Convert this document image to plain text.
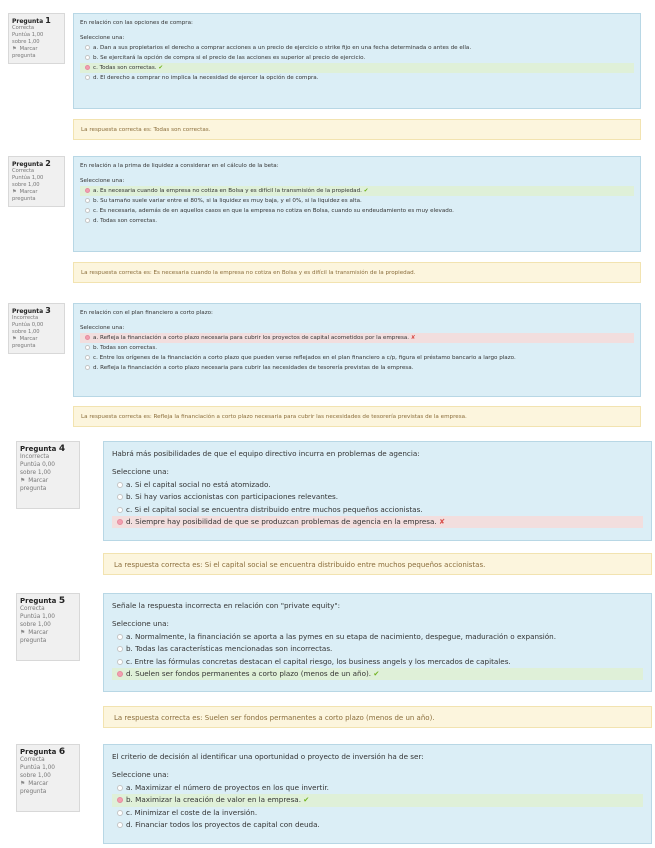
Pregunta 1
Correcta
Puntúa 1,00
sobre 1,00
⚑ Marcar
pregunta
En relación con las opciones de compra:
Seleccione una:
a. Dan a sus propietarios el derecho a comprar acciones a un precio de ejercicio o strike fijo en una fecha determinada o antes de ella.
b. Se ejercitará la opción de compra si el precio de las acciones es superior al precio de ejercicio.
c. Todas son correctas. ✔
d. El derecho a comprar no implica la necesidad de ejercer la opción de compra.
La respuesta correcta es: Todas son correctas.
Pregunta 2
Correcta
Puntúa 1,00
sobre 1,00
⚑ Marcar
pregunta
En relación a la prima de liquidez a considerar en el cálculo de la beta:
Seleccione una:
a. Es necesaria cuando la empresa no cotiza en Bolsa y es difícil la transmisión de la propiedad. ✔
b. Su tamaño suele variar entre el 80%, si la liquidez es muy baja, y el 0%, si la liquidez es alta.
c. Es necesaria, además de en aquellos casos en que la empresa no cotiza en Bolsa, cuando su endeudamiento es muy elevado.
d. Todas son correctas.
La respuesta correcta es: Es necesaria cuando la empresa no cotiza en Bolsa y es difícil la transmisión de la propiedad.
Pregunta 3
Incorrecta
Puntúa 0,00
sobre 1,00
⚑ Marcar
pregunta
En relación con el plan financiero a corto plazo:
Seleccione una:
a. Refleja la financiación a corto plazo necesaria para cubrir los proyectos de capital acometidos por la empresa. ✘
b. Todas son correctas.
c. Entre los orígenes de la financiación a corto plazo que pueden verse reflejados en el plan financiero a c/p, figura el préstamo bancario a largo plazo.
d. Refleja la financiación a corto plazo necesaria para cubrir las necesidades de tesorería previstas de la empresa.
La respuesta correcta es: Refleja la financiación a corto plazo necesaria para cubrir las necesidades de tesorería previstas de la empresa.
Pregunta 4
Incorrecta
Puntúa 0,00
sobre 1,00
⚑ Marcar
pregunta
Habrá más posibilidades de que el equipo directivo incurra en problemas de agencia:
Seleccione una:
a. Si el capital social no está atomizado.
b. Si hay varios accionistas con participaciones relevantes.
c. Si el capital social se encuentra distribuido entre muchos pequeños accionistas.
d. Siempre hay posibilidad de que se produzcan problemas de agencia en la empresa. ✘
La respuesta correcta es: Si el capital social se encuentra distribuido entre muchos pequeños accionistas.
Pregunta 5
Correcta
Puntúa 1,00
sobre 1,00
⚑ Marcar
pregunta
Señale la respuesta incorrecta en relación con "private equity":
Seleccione una:
a. Normalmente, la financiación se aporta a las pymes en su etapa de nacimiento, despegue, maduración o expansión.
b. Todas las características mencionadas son incorrectas.
c. Entre las fórmulas concretas destacan el capital riesgo, los business angels y los mercados de capitales.
d. Suelen ser fondos permanentes a corto plazo (menos de un año). ✔
La respuesta correcta es: Suelen ser fondos permanentes a corto plazo (menos de un año).
Pregunta 6
Correcta
Puntúa 1,00
sobre 1,00
⚑ Marcar
pregunta
El criterio de decisión al identificar una oportunidad o proyecto de inversión ha de ser:
Seleccione una:
a. Maximizar el número de proyectos en los que invertir.
b. Maximizar la creación de valor en la empresa. ✔
c. Minimizar el coste de la inversión.
d. Financiar todos los proyectos de capital con deuda.
